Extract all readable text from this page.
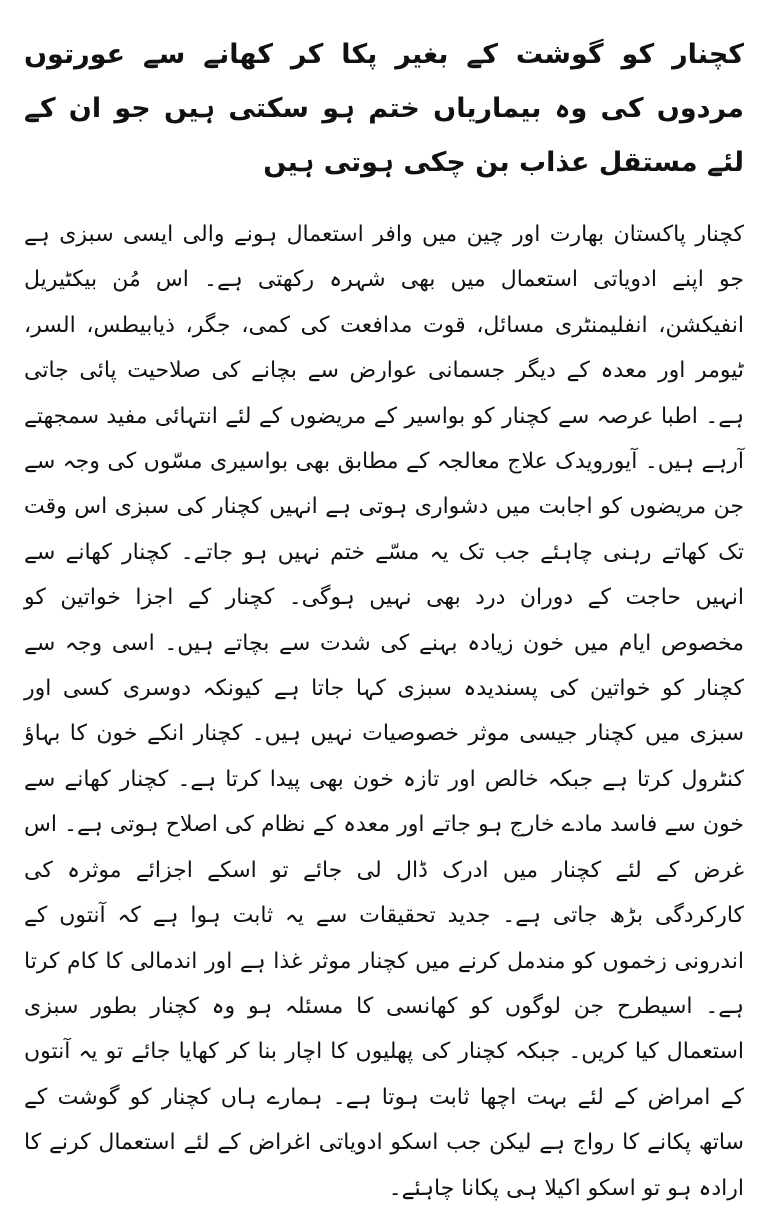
کچنار کو گوشت کے بغیر پکا کر کھانے سے عورتوں مردوں کی وہ بیماریاں ختم ہو سکتی ہیں جو ان کے لئے مستقل عذاب بن چکی ہوتی ہیں

کچنار پاکستان بھارت اور چین میں وافر استعمال ہونے والی ایسی سبزی ہے جو اپنے ادویاتی استعمال میں بھی شہرہ رکھتی ہے۔ اس مُن بیکٹیریل انفیکشن، انفلیمنٹری مسائل، قوت مدافعت کی کمی، جگر، ذیابیطس، السر، ٹیومر اور معدہ کے دیگر جسمانی عوارض سے بچانے کی صلاحیت پائی جاتی ہے۔ اطبا عرصہ سے کچنار کو بواسیر کے مریضوں کے لئے انتہائی مفید سمجھتے آرہے ہیں۔ آیورویدک علاج معالجہ کے مطابق بھی بواسیری مسّوں کی وجہ سے جن مریضوں کو اجابت میں دشواری ہوتی ہے انہیں کچنار کی سبزی اس وقت تک کھاتے رہنی چاہئے جب تک یہ مسّے ختم نہیں ہو جاتے۔ کچنار کھانے سے انہیں حاجت کے دوران درد بھی نہیں ہوگی۔ کچنار کے اجزا خواتین کو مخصوص ایام میں خون زیادہ بہنے کی شدت سے بچاتے ہیں۔ اسی وجہ سے کچنار کو خواتین کی پسندیدہ سبزی کہا جاتا ہے کیونکہ دوسری کسی اور سبزی میں کچنار جیسی موثر خصوصیات نہیں ہیں۔ کچنار انکے خون کا بہاؤ کنٹرول کرتا ہے جبکہ خالص اور تازہ خون بھی پیدا کرتا ہے۔ کچنار کھانے سے خون سے فاسد مادے خارج ہو جاتے اور معدہ کے نظام کی اصلاح ہوتی ہے۔ اس غرض کے لئے کچنار میں ادرک ڈال لی جائے تو اسکے اجزائے موثرہ کی کارکردگی بڑھ جاتی ہے۔ جدید تحقیقات سے یہ ثابت ہوا ہے کہ آنتوں کے اندرونی زخموں کو مندمل کرنے میں کچنار موثر غذا ہے اور اندمالی کا کام کرتا ہے۔ اسیطرح جن لوگوں کو کھانسی کا مسئلہ ہو وہ کچنار بطور سبزی استعمال کیا کریں۔ جبکہ کچنار کی پھلیوں کا اچار بنا کر کھایا جائے تو یہ آنتوں کے امراض کے لئے بہت اچھا ثابت ہوتا ہے۔ ہمارے ہاں کچنار کو گوشت کے ساتھ پکانے کا رواج ہے لیکن جب اسکو ادویاتی اغراض کے لئے استعمال کرنے کا ارادہ ہو تو اسکو اکیلا ہی پکانا چاہئے۔
